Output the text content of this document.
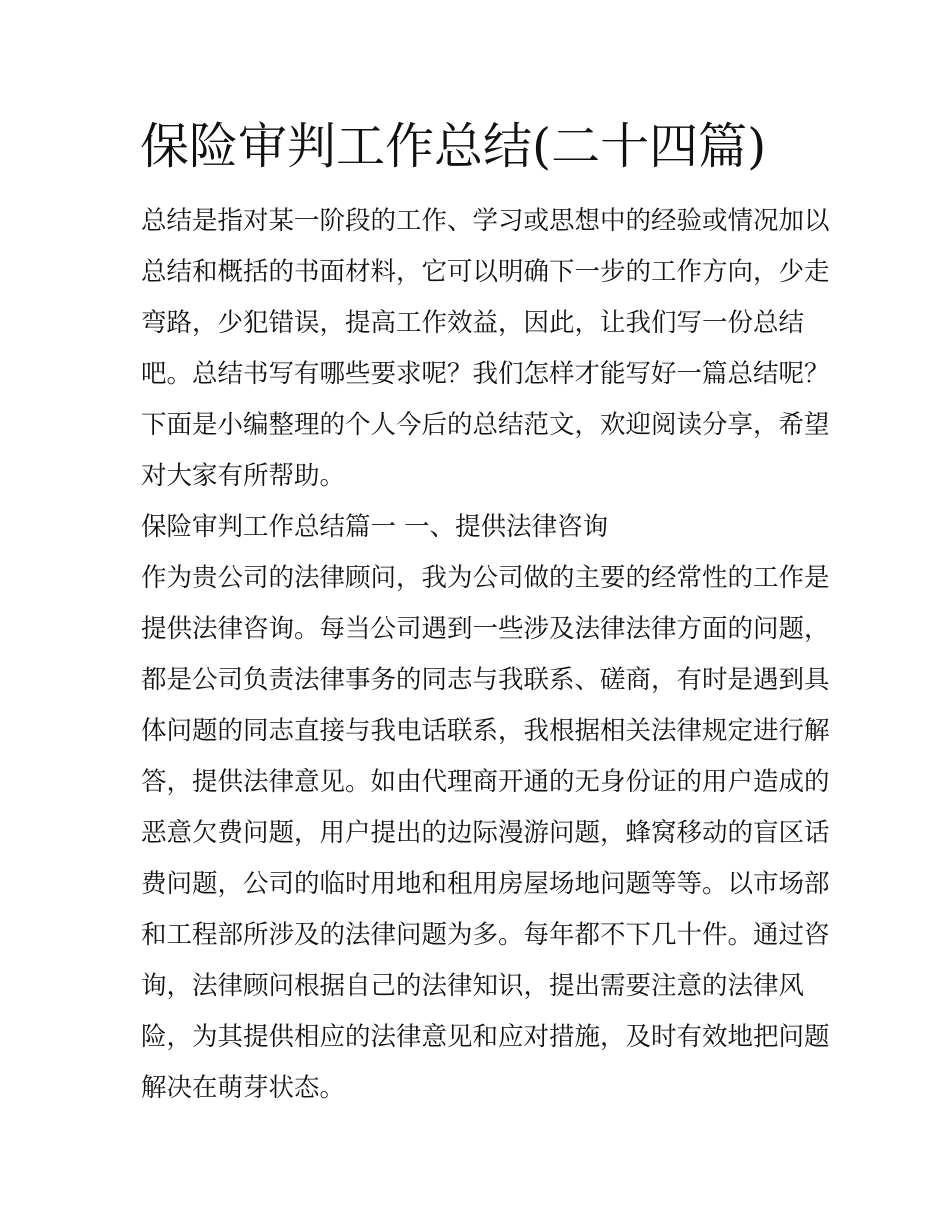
保险审判工作总结(二十四篇)
总结是指对某一阶段的工作、学习或思想中的经验或情况加以
总结和概括的书面材料，它可以明确下一步的工作方向，少走
弯路，少犯错误，提高工作效益，因此，让我们写一份总结
吧。总结书写有哪些要求呢？我们怎样才能写好一篇总结呢？
下面是小编整理的个人今后的总结范文，欢迎阅读分享，希望
对大家有所帮助。
保险审判工作总结篇一 一、提供法律咨询
作为贵公司的法律顾问，我为公司做的主要的经常性的工作是
提供法律咨询。每当公司遇到一些涉及法律法律方面的问题，
都是公司负责法律事务的同志与我联系、磋商，有时是遇到具
体问题的同志直接与我电话联系，我根据相关法律规定进行解
答，提供法律意见。如由代理商开通的无身份证的用户造成的
恶意欠费问题，用户提出的边际漫游问题，蜂窝移动的盲区话
费问题，公司的临时用地和租用房屋场地问题等等。以市场部
和工程部所涉及的法律问题为多。每年都不下几十件。通过咨
询，法律顾问根据自己的法律知识，提出需要注意的法律风
险，为其提供相应的法律意见和应对措施，及时有效地把问题
解决在萌芽状态。
